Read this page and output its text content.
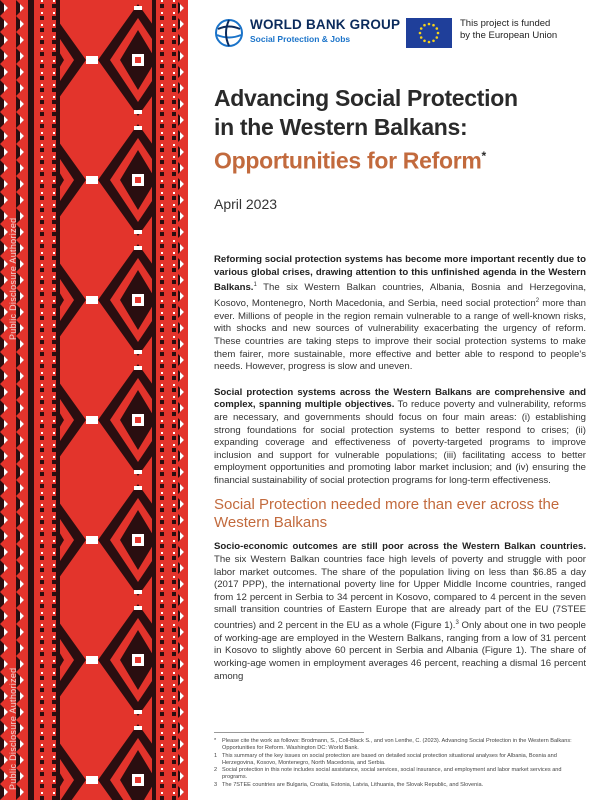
Public Disclosure Authorized
Public Disclosure Authorized
WORLD BANK GROUP
Social Protection & Jobs
This project is funded
by the European Union
Advancing Social Protection
in the Western Balkans:
Opportunities for Reform*
April 2023

Reforming social protection systems has become more important recently due to various global crises, drawing attention to this unfinished agenda in the Western Balkans.$^1$ The six Western Balkan countries, Albania, Bosnia and Herzegovina, Kosovo, Montenegro, North Macedonia, and Serbia, need social protection$^2$ more than ever. Millions of people in the region remain vulnerable to a range of well-known risks, with shocks and new sources of vulnerability exacerbating the urgency of reform. These countries are taking steps to improve their social protection systems to make them fairer, more sustainable, more effective and better able to respond to people's needs. However, progress is slow and uneven.

Social protection systems across the Western Balkans are comprehensive and complex, spanning multiple objectives. To reduce poverty and vulnerability, reforms are necessary, and governments should focus on four main areas: (i) establishing strong foundations for social protection systems to better respond to crises; (ii) expanding coverage and effectiveness of poverty-targeted programs to improve inclusion and support for vulnerable populations; (iii) facilitating access to better employment opportunities and promoting labor market inclusion; and (iv) ensuring the financial sustainability of social protection programs for long-term effectiveness.

Social Protection needed more than ever across the Western Balkans

Socio-economic outcomes are still poor across the Western Balkan countries. The six Western Balkan countries face high levels of poverty and struggle with poor labor market outcomes. The share of the population living on less than $6.85 a day (2017 PPP), the international poverty line for Upper Middle Income countries, ranged from 12 percent in Serbia to 34 percent in Kosovo, compared to 4 percent in the seven small transition countries of Eastern Europe that are already part of the EU (7STEE countries) and 2 percent in the EU as a whole (Figure 1).$^3$ Only about one in two people of working-age are employed in the Western Balkans, ranging from a low of 31 percent in Kosovo to slightly above 60 percent in Serbia and Albania (Figure 1). The share of working-age women in employment averages 46 percent, reaching a dismal 16 percent among

*	Please cite the work as follows: Brodmann, S., Coll-Black S., and von Lenthe, C. (2023). Advancing Social Protection in the Western Balkans: Opportunities for Reform. Washington DC: World Bank.
1 This summary of the key issues on social protection are based on detailed social protection situational analyses for Albania, Bosnia and Herzegovina, Kosovo, Montenegro, North Macedonia, and Serbia.
2 Social protection in this note includes social assistance, social services, social insurance, and employment and labor market services and programs.
3 The 7STEE countries are Bulgaria, Croatia, Estonia, Latvia, Lithuania, the Slovak Republic, and Slovenia.
